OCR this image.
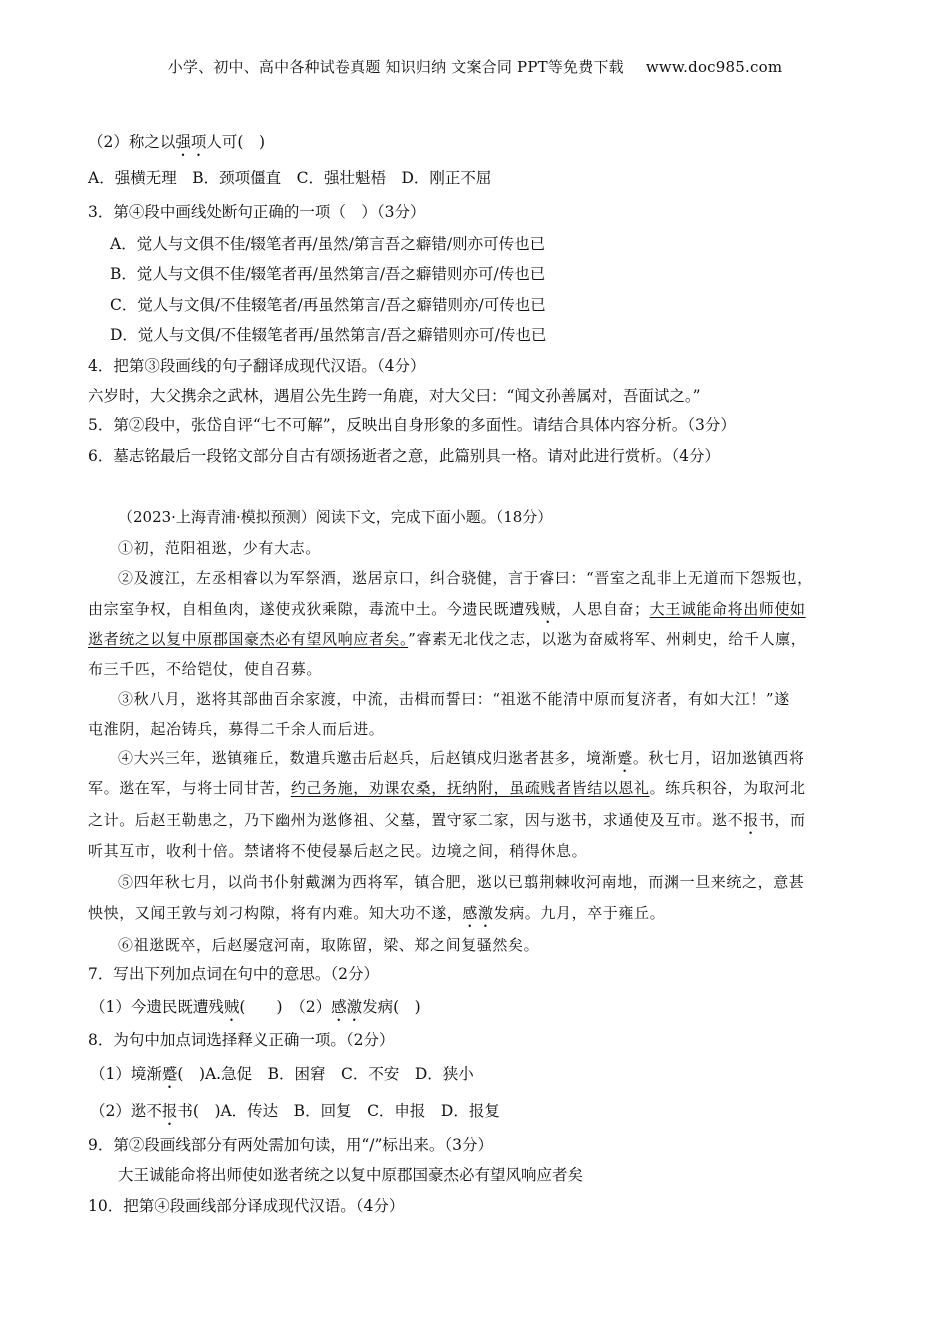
小学、初中、高中各种试卷真题 知识归纳 文案合同 PPT等免费下载 www.doc985.com
（2）称之以强项人可(　)
A．强横无理　B．颈项僵直　C．强壮魁梧　D．刚正不屈
3．第④段中画线处断句正确的一项（　）（3分）
A．觉人与文俱不佳/辍笔者再/虽然/第言吾之癖错/则亦可传也已
B．觉人与文俱不佳/辍笔者再/虽然第言/吾之癖错则亦可/传也已
C．觉人与文俱/不佳辍笔者/再虽然第言/吾之癖错则亦/可传也已
D．觉人与文俱/不佳辍笔者再/虽然第言/吾之癖错则亦可/传也已
4．把第③段画线的句子翻译成现代汉语。（4分）
六岁时，大父携余之武林，遇眉公先生跨一角鹿，对大父曰：“闻文孙善属对，吾面试之。”
5．第②段中，张岱自评“七不可解”，反映出自身形象的多面性。请结合具体内容分析。（3分）
6．墓志铭最后一段铭文部分自古有颂扬逝者之意，此篇别具一格。请对此进行赏析。（4分）
（2023·上海青浦·模拟预测）阅读下文，完成下面小题。（18分）
①初，范阳祖逖，少有大志。
②及渡江，左丞相睿以为军祭酒，逖居京口，纠合骁健，言于睿曰：“晋室之乱非上无道而下怨叛也，
由宗室争权，自相鱼肉，遂使戎狄乘隙，毒流中土。今遗民既遭残贼，人思自奋；大王诚能命将出师使如
逖者统之以复中原郡国豪杰必有望风响应者矣。”睿素无北伐之志，以逖为奋威将军、州刺史，给千人廪，
布三千匹，不给铠仗，使自召募。
③秋八月，逖将其部曲百余家渡，中流，击楫而誓曰：“祖逖不能清中原而复济者，有如大江！”遂
屯淮阴，起冶铸兵，募得二千余人而后进。
④大兴三年，逖镇雍丘，数遣兵邀击后赵兵，后赵镇戍归逖者甚多，境渐蹙。秋七月，诏加逖镇西将
军。逖在军，与将士同甘苦，约己务施，劝课农桑，抚纳附，虽疏贱者皆结以恩礼。练兵积谷，为取河北
之计。后赵王勒患之，乃下幽州为逖修祖、父墓，置守冢二家，因与逖书，求通使及互市。逖不报书，而
听其互市，收利十倍。禁诸将不使侵暴后赵之民。边境之间，稍得休息。
⑤四年秋七月，以尚书仆射戴渊为西将军，镇合肥，逖以已翦荆棘收河南地，而渊一旦来统之，意甚
怏怏，又闻王敦与刘刁构隙，将有内难。知大功不遂，感激发病。九月，卒于雍丘。
⑥祖逖既卒，后赵屡寇河南，取陈留，梁、郑之间复骚然矣。
7．写出下列加点词在句中的意思。（2分）
（1）今遗民既遭残贼(　　)　（2）感激发病(　)
8．为句中加点词选择释义正确一项。（2分）
（1）境渐蹙(　)A.急促　B．困窘　C．不安　D．狭小
（2）逖不报书(　)A．传达　B．回复　C．申报　D．报复
9．第②段画线部分有两处需加句读，用“/”标出来。（3分）
大王诚能命将出师使如逖者统之以复中原郡国豪杰必有望风响应者矣
10．把第④段画线部分译成现代汉语。（4分）
